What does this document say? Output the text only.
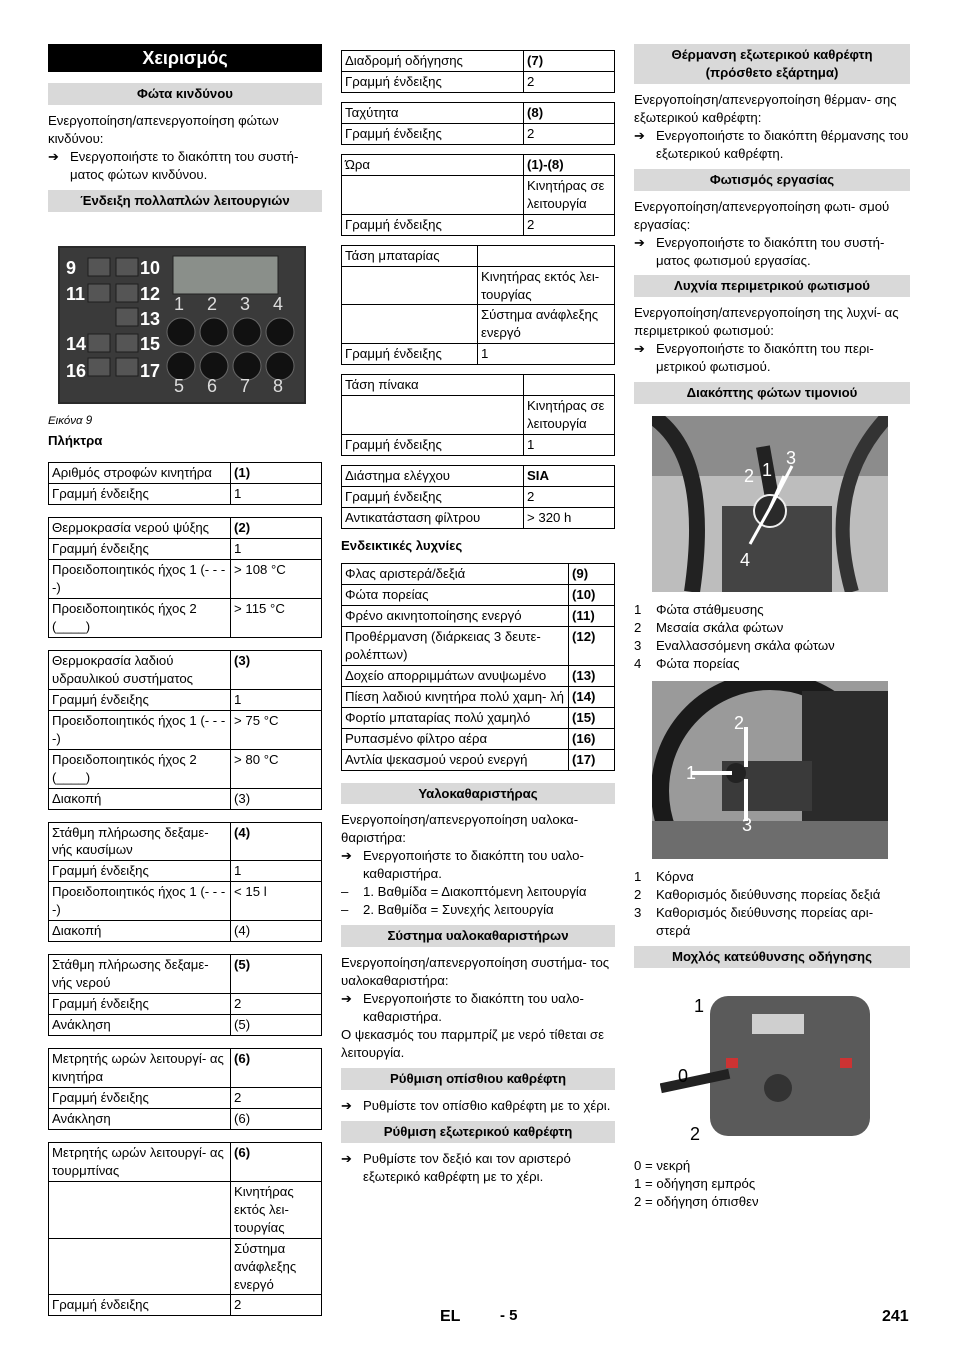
Χειρισμός
Φώτα κινδύνου

Ενεργοποίηση/απενεργοποίηση φώτων κινδύνου:

➔ Ενεργοποιήστε το διακόπτη του συστή- ματος φώτων κινδύνου.
Ένδειξη πολλαπλών λειτουργιών
9
11
14
16
10
12
13
15
17
1 2 3 4
5 6 7 8
Εικόνα 9
Πλήκτρα
Αριθμός στροφών κινητήρα	(1)
Γραμμή ένδειξης	1
Θερμοκρασία νερού ψύξης	(2)
Γραμμή ένδειξης	1
Προειδοποιητικός ήχος 1 (- - - -)	> 108 °C
Προειδοποιητικός ήχος 2 (____)	> 115 °C
Θερμοκρασία λαδιού υδραυλικού συστήματος	(3)
Γραμμή ένδειξης	1
Προειδοποιητικός ήχος 1 (- - - -)	> 75 °C
Προειδοποιητικός ήχος 2 (____)	> 80 °C
Διακοπή	(3)
Στάθμη πλήρωσης δεξαμε- νής καυσίμων	(4)
Γραμμή ένδειξης	1
Προειδοποιητικός ήχος 1 (- - - -)	< 15 l
Διακοπή	(4)
Στάθμη πλήρωσης δεξαμε- νής νερού	(5)
Γραμμή ένδειξης	2
Ανάκληση	(5)
Μετρητής ωρών λειτουργί- ας κινητήρα	(6)
Γραμμή ένδειξης	2
Ανάκληση	(6)
Μετρητής ωρών λειτουργί- ας τουρμπίνας	(6)
	Κινητήρας εκτός λει- τουργίας
	Σύστημα ανάφλεξης ενεργό
Γραμμή ένδειξης	2
Διαδρομή οδήγησης	(7)
Γραμμή ένδειξης	2
Ταχύτητα	(8)
Γραμμή ένδειξης	2
Ώρα	(1)-(8)
	Κινητήρας σε λειτουργία
Γραμμή ένδειξης	2
Τάση μπαταρίας	
	Κινητήρας εκτός λει- τουργίας
	Σύστημα ανάφλεξης ενεργό
Γραμμή ένδειξης	1
Τάση πίνακα	
	Κινητήρας σε λειτουργία
Γραμμή ένδειξης	1
Διάστημα ελέγχου	SIA
Γραμμή ένδειξης	2
Αντικατάσταση φίλτρου	> 320 h
Ενδεικτικές λυχνίες
Φλας αριστερά/δεξιά	(9)
Φώτα πορείας	(10)
Φρένο ακινητοποίησης ενεργό	(11)
Προθέρμανση (διάρκειας 3 δευτε- ρολέπτων)	(12)
Δοχείο απορριμμάτων ανυψωμένο	(13)
Πίεση λαδιού κινητήρα πολύ χαμη- λή	(14)
Φορτίο μπαταρίας πολύ χαμηλό	(15)
Ρυπασμένο φίλτρο αέρα	(16)
Αντλία ψεκασμού νερού ενεργή	(17)
Υαλοκαθαριστήρας

Ενεργοποίηση/απενεργοποίηση υαλοκα- θαριστήρα:

➔ Ενεργοποιήστε το διακόπτη του υαλο- καθαριστήρα.
–	1. Βαθμίδα = Διακοπτόμενη λειτουργία
–	2. Βαθμίδα = Συνεχής λειτουργία
Σύστημα υαλοκαθαριστήρων

Ενεργοποίηση/απενεργοποίηση συστήμα- τος υαλοκαθαριστήρα:

➔ Ενεργοποιήστε το διακόπτη του υαλο- καθαριστήρα.

Ο ψεκασμός του παρμπρίζ με νερό τίθεται σε λειτουργία.

Ρύθμιση οπίσθιου καθρέφτη
➔ Ρυθμίστε τον οπίσθιο καθρέφτη με το χέρι.
Ρύθμιση εξωτερικού καθρέφτη
➔ Ρυθμίστε τον δεξιό και τον αριστερό εξωτερικό καθρέφτη με το χέρι.
Θέρμανση εξωτερικού καθρέφτη (πρόσθετο εξάρτημα)

Ενεργοποίηση/απενεργοποίηση θέρμαν- σης εξωτερικού καθρέφτη:

➔ Ενεργοποιήστε το διακόπτη θέρμανσης του εξωτερικού καθρέφτη.
Φωτισμός εργασίας

Ενεργοποίηση/απενεργοποίηση φωτι- σμού εργασίας:

➔ Ενεργοποιήστε το διακόπτη του συστή- ματος φωτισμού εργασίας.
Λυχνία περιμετρικού φωτισμού

Ενεργοποίηση/απενεργοποίηση της λυχνί- ας περιμετρικού φωτισμού:

➔ Ενεργοποιήστε το διακόπτη του περι- μετρικού φωτισμού.
Διακόπτης φώτων τιμονιού
2 1
3
4
1	Φώτα στάθμευσης
2	Μεσαία σκάλα φώτων
3	Εναλλασσόμενη σκάλα φώτων
4	Φώτα πορείας
2
1
3
1	Κόρνα
2	Καθορισμός διεύθυνσης πορείας δεξιά
3	Καθορισμός διεύθυνσης πορείας αρι- στερά
Μοχλός κατεύθυνσης οδήγησης
1
0
2

0 = νεκρή

1 = οδήγηση εμπρός

2 = οδήγηση όπισθεν

EL	- 5	241
